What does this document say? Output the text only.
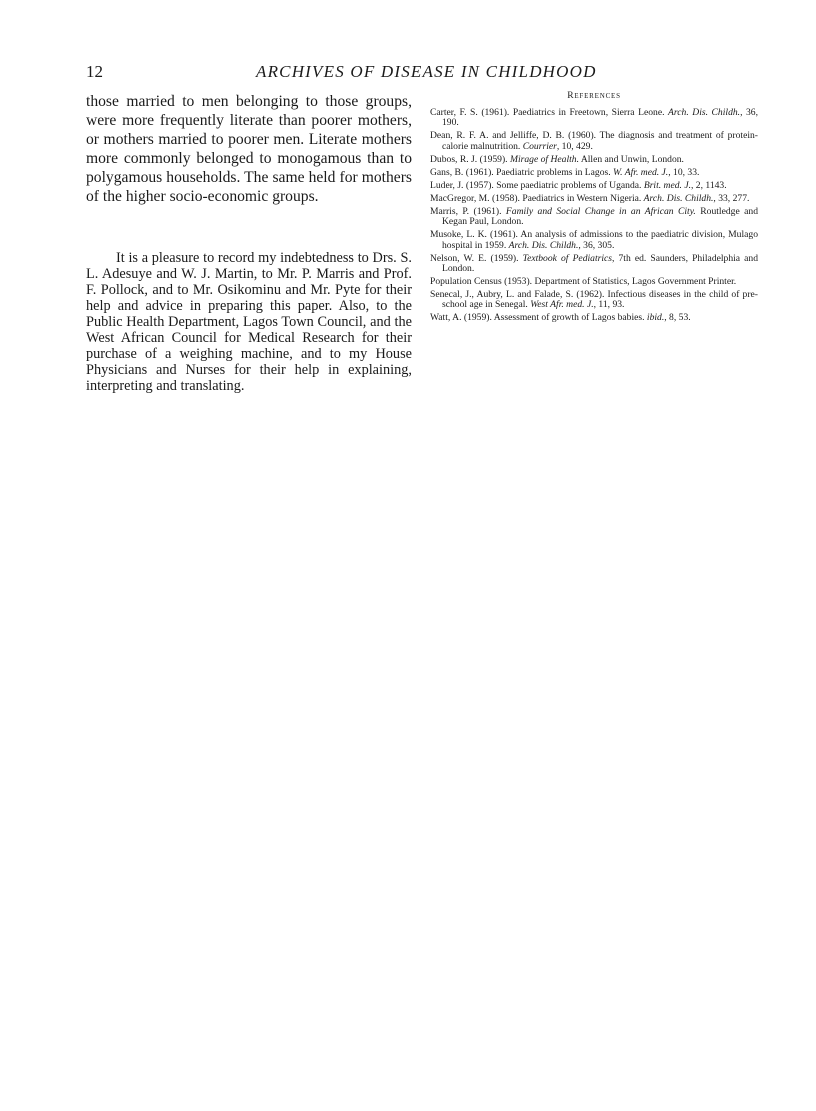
12	ARCHIVES OF DISEASE IN CHILDHOOD

those married to men belonging to those groups, were more frequently literate than poorer mothers, or mothers married to poorer men. Literate mothers more commonly belonged to monogamous than to polygamous households. The same held for mothers of the higher socio-economic groups.

It is a pleasure to record my indebtedness to Drs. S. L. Adesuye and W. J. Martin, to Mr. P. Marris and Prof. F. Pollock, and to Mr. Osikominu and Mr. Pyte for their help and advice in preparing this paper. Also, to the Public Health Department, Lagos Town Council, and the West African Council for Medical Research for their purchase of a weighing machine, and to my House Physicians and Nurses for their help in explaining, interpreting and translating.

References
Carter, F. S. (1961). Paediatrics in Freetown, Sierra Leone. Arch. Dis. Childh., 36, 190.
Dean, R. F. A. and Jelliffe, D. B. (1960). The diagnosis and treatment of protein-calorie malnutrition. Courrier, 10, 429.
Dubos, R. J. (1959). Mirage of Health. Allen and Unwin, London.
Gans, B. (1961). Paediatric problems in Lagos. W. Afr. med. J., 10, 33.
Luder, J. (1957). Some paediatric problems of Uganda. Brit. med. J., 2, 1143.
MacGregor, M. (1958). Paediatrics in Western Nigeria. Arch. Dis. Childh., 33, 277.
Marris, P. (1961). Family and Social Change in an African City. Routledge and Kegan Paul, London.
Musoke, L. K. (1961). An analysis of admissions to the paediatric division, Mulago hospital in 1959. Arch. Dis. Childh., 36, 305.
Nelson, W. E. (1959). Textbook of Pediatrics, 7th ed. Saunders, Philadelphia and London.
Population Census (1953). Department of Statistics, Lagos Government Printer.
Senecal, J., Aubry, L. and Falade, S. (1962). Infectious diseases in the child of pre-school age in Senegal. West Afr. med. J., 11, 93.
Watt, A. (1959). Assessment of growth of Lagos babies. ibid., 8, 53.
